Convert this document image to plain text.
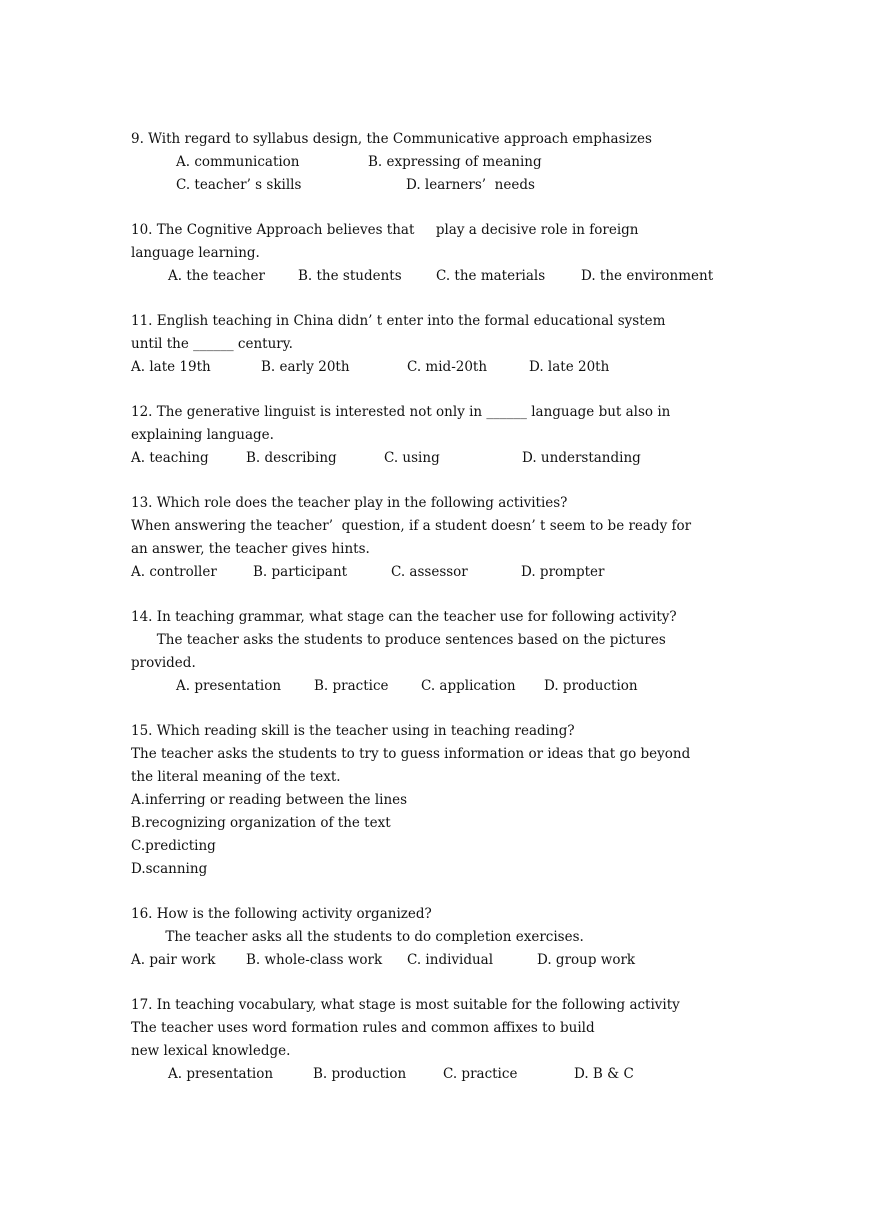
9. With regard to syllabus design, the Communicative approach emphasizes
A. communication	B. expressing of meaning
C. teacher’ s skills	D. learners’  needs
10. The Cognitive Approach believes that     play a decisive role in foreign
language learning.
A. the teacher B. the students	C. the materials	D. the environment
11. English teaching in China didn’ t enter into the formal educational system
until the ______ century.
A. late 19th	B. early 20th	C. mid-20th	D. late 20th
12. The generative linguist is interested not only in ______ language but also in
explaining language.
A. teaching	B. describing	C. using	D. understanding
13. Which role does the teacher play in the following activities?
When answering the teacher’  question, if a student doesn’ t seem to be ready for
an answer, the teacher gives hints.
A. controller	B. participant	C. assessor	D. prompter
14. In teaching grammar, what stage can the teacher use for following activity?
The teacher asks the students to produce sentences based on the pictures
provided.
A. presentation B. practice C. application D. production
15. Which reading skill is the teacher using in teaching reading?
The teacher asks the students to try to guess information or ideas that go beyond
the literal meaning of the text.
A.inferring or reading between the lines
B.recognizing organization of the text
C.predicting
D.scanning
16. How is the following activity organized?
The teacher asks all the students to do completion exercises.
A. pair work B. whole-class work C. individual	D. group work
17. In teaching vocabulary, what stage is most suitable for the following activity
The teacher uses word formation rules and common affixes to build
new lexical knowledge.
A. presentation	B. production	C. practice	D. B & C
